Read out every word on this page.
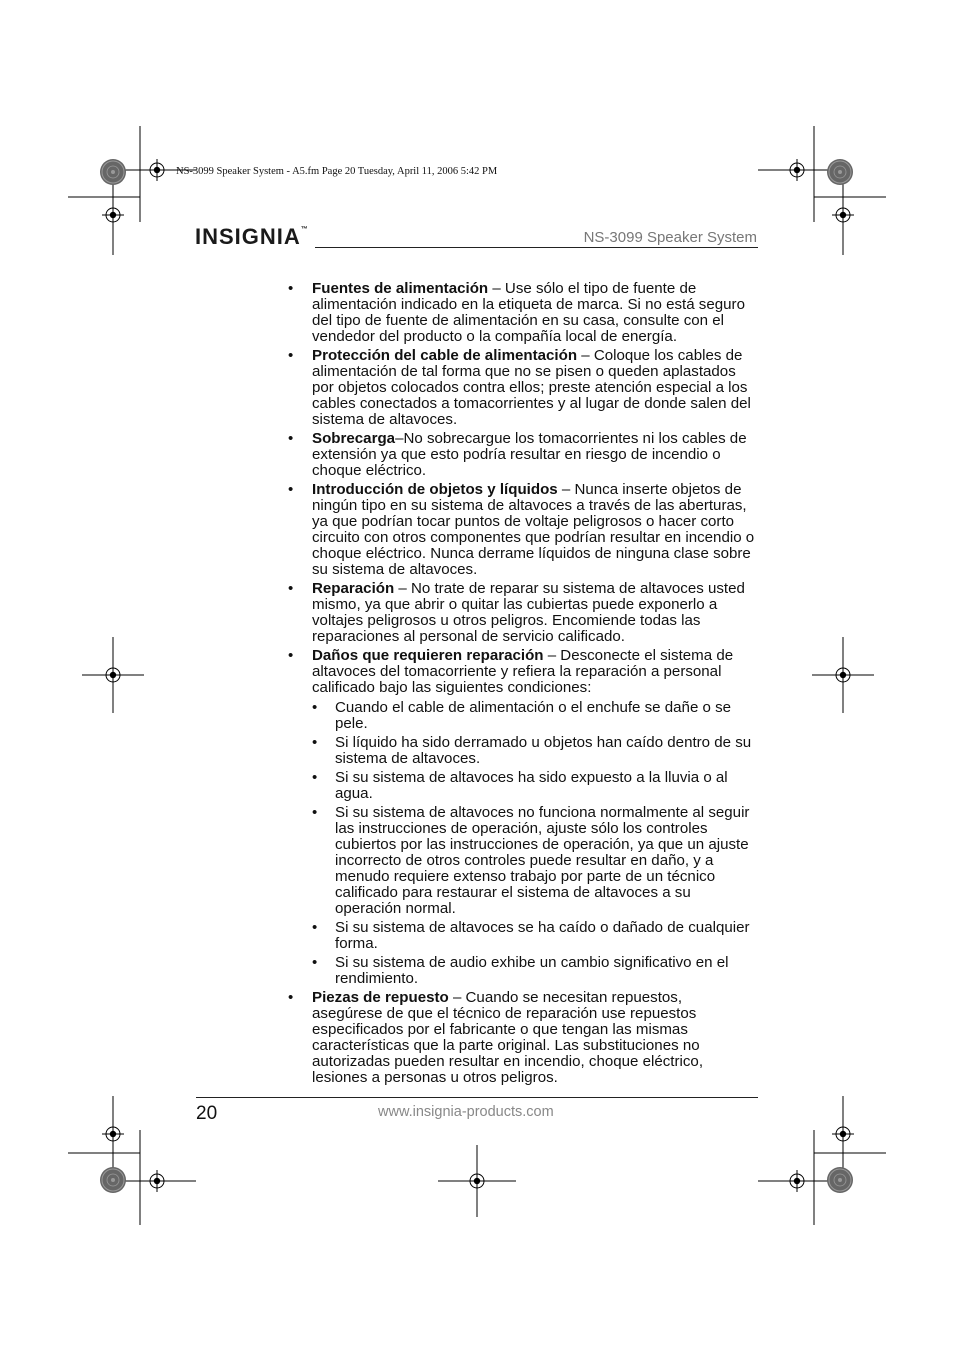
NS-3099 Speaker System - A5.fm Page 20 Tuesday, April 11, 2006 5:42 PM
INSIGNIA™	NS-3099 Speaker System
• Fuentes de alimentación – Use sólo el tipo de fuente de alimentación indicado en la etiqueta de marca. Si no está seguro del tipo de fuente de alimentación en su casa, consulte con el vendedor del producto o la compañía local de energía.
• Protección del cable de alimentación – Coloque los cables de alimentación de tal forma que no se pisen o queden aplastados por objetos colocados contra ellos; preste atención especial a los cables conectados a tomacorrientes y al lugar de donde salen del sistema de altavoces.
• Sobrecarga–No sobrecargue los tomacorrientes ni los cables de extensión ya que esto podría resultar en riesgo de incendio o choque eléctrico.
• Introducción de objetos y líquidos – Nunca inserte objetos de ningún tipo en su sistema de altavoces a través de las aberturas, ya que podrían tocar puntos de voltaje peligrosos o hacer corto circuito con otros componentes que podrían resultar en incendio o choque eléctrico. Nunca derrame líquidos de ninguna clase sobre su sistema de altavoces.
• Reparación – No trate de reparar su sistema de altavoces usted mismo, ya que abrir o quitar las cubiertas puede exponerlo a voltajes peligrosos u otros peligros. Encomiende todas las reparaciones al personal de servicio calificado.
• Daños que requieren reparación – Desconecte el sistema de altavoces del tomacorriente y refiera la reparación a personal calificado bajo las siguientes condiciones:
• Cuando el cable de alimentación o el enchufe se dañe o se pele.
• Si líquido ha sido derramado u objetos han caído dentro de su sistema de altavoces.
• Si su sistema de altavoces ha sido expuesto a la lluvia o al agua.
• Si su sistema de altavoces no funciona normalmente al seguir las instrucciones de operación, ajuste sólo los controles cubiertos por las instrucciones de operación, ya que un ajuste incorrecto de otros controles puede resultar en daño, y a menudo requiere extenso trabajo por parte de un técnico calificado para restaurar el sistema de altavoces a su operación normal.
• Si su sistema de altavoces se ha caído o dañado de cualquier forma.
• Si su sistema de audio exhibe un cambio significativo en el rendimiento.
• Piezas de repuesto – Cuando se necesitan repuestos, asegúrese de que el técnico de reparación use repuestos especificados por el fabricante o que tengan las mismas características que la parte original. Las substituciones no autorizadas pueden resultar en incendio, choque eléctrico, lesiones a personas u otros peligros.
20	www.insignia-products.com
